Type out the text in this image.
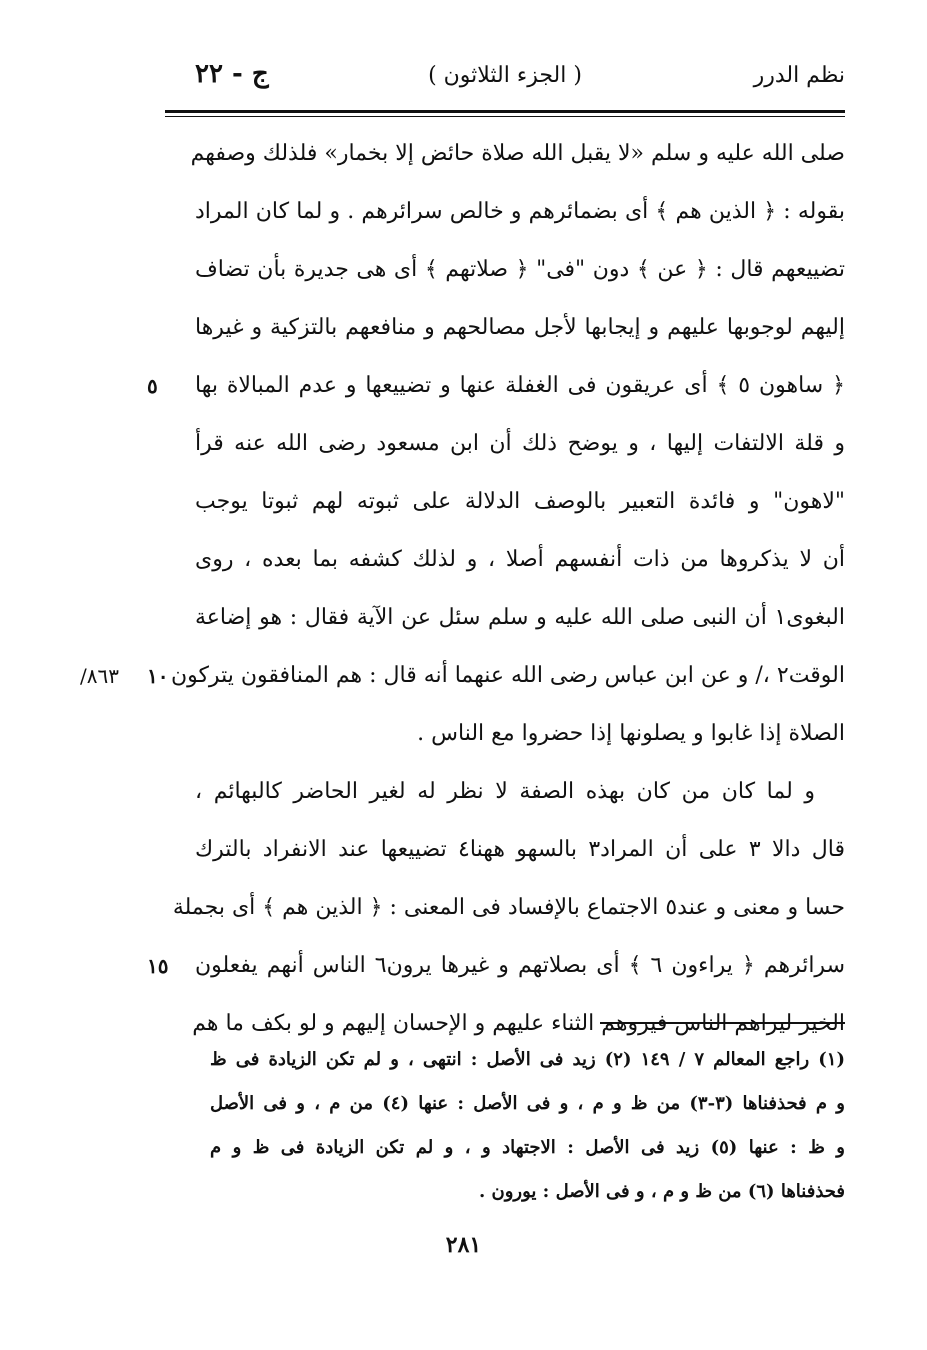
نظم الدرر
( الجزء الثلاثون )
ج - ٢٢
صلى الله عليه و سلم «لا يقبل الله صلاة حائض إلا بخمار» فلذلك وصفهم
بقوله : ﴿ الذين هم ﴾ أى بضمائرهم و خالص سرائرهم . و لما كان المراد
تضييعهم قال : ﴿ عن ﴾ دون "فى" ﴿ صلاتهم ﴾ أى هى جديرة بأن تضاف
إليهم لوجوبها عليهم و إيجابها لأجل مصالحهم و منافعهم بالتزكية و غيرها
﴿ ساهون ٥ ﴾ أى عريقون فى الغفلة عنها و تضييعها و عدم المبالاة بها
٥
و قلة الالتفات إليها ، و يوضح ذلك أن ابن مسعود رضى الله عنه قرأ
"لاهون" و فائدة التعبير بالوصف الدلالة على ثبوته لهم ثبوتا يوجب
أن لا يذكروها من ذات أنفسهم أصلا ، و لذلك كشفه بما بعده ، روى
البغوى١ أن النبى صلى الله عليه و سلم سئل عن الآية فقال : هو إضاعة
الوقت٢ ،/ و عن ابن عباس رضى الله عنهما أنه قال : هم المنافقون يتركون
١٠
٨٦٣/
الصلاة إذا غابوا و يصلونها إذا حضروا مع الناس .
و لما كان من كان بهذه الصفة لا نظر له لغير الحاضر كالبهائم ،
قال دالا ٣ على أن المراد٣ بالسهو ههنا٤ تضييعها عند الانفراد بالترك
حسا و معنى و عند٥ الاجتماع بالإفساد فى المعنى : ﴿ الذين هم ﴾ أى بجملة
سرائرهم ﴿ يراءون ٦ ﴾ أى بصلاتهم و غيرها يرون٦ الناس أنهم يفعلون
١٥
الخير ليراهم الناس فيروهم الثناء عليهم و الإحسان إليهم و لو بكف ما هم
(١) راجع المعالم ٧ / ١٤٩ (٢) زيد فى الأصل : انتهى ، و لم تكن الزيادة فى ظ
و م فحذفناها (٣-٣) من ظ و م ، و فى الأصل : عنها (٤) من م ، و فى الأصل
و ظ : عنها (٥) زيد فى الأصل : الاجتهاد و ، و لم تكن الزيادة فى ظ و م
فحذفناها (٦) من ظ و م ، و فى الأصل : يورون .
٢٨١
